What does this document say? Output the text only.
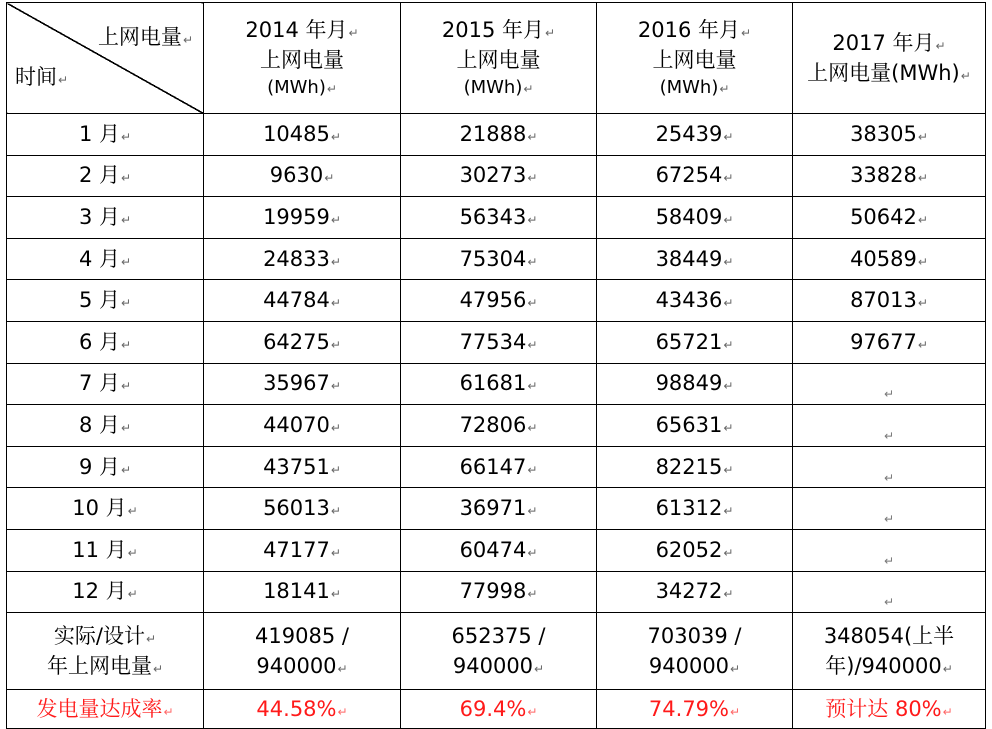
上网电量↵
时间↵	2014 年月↵
上网电量
(MWh)↵	2015 年月↵
上网电量
(MWh)↵	2016 年月↵
上网电量
(MWh)↵	2017 年月↵
上网电量(MWh)↵

1 月↵	10485↵	21888↵	25439↵	38305↵
2 月↵	9630↵	30273↵	67254↵	33828↵
3 月↵	19959↵	56343↵	58409↵	50642↵
4 月↵	24833↵	75304↵	38449↵	40589↵
5 月↵	44784↵	47956↵	43436↵	87013↵
6 月↵	64275↵	77534↵	65721↵	97677↵
7 月↵	35967↵	61681↵	98849↵	$_↵$
8 月↵	44070↵	72806↵	65631↵	$_↵$
9 月↵	43751↵	66147↵	82215↵	$_↵$
10 月↵	56013↵	36971↵	61312↵	$_↵$
11 月↵	47177↵	60474↵	62052↵	$_↵$
12 月↵	18141↵	77998↵	34272↵	$_↵$

实际/设计↵
年上网电量↵	419085 /
940000↵	652375 /
940000↵	703039 /
940000↵	348054(上半
年)/940000↵

发电量达成率↵	44.58%↵	69.4%↵	74.79%↵	预计达 80%↵
